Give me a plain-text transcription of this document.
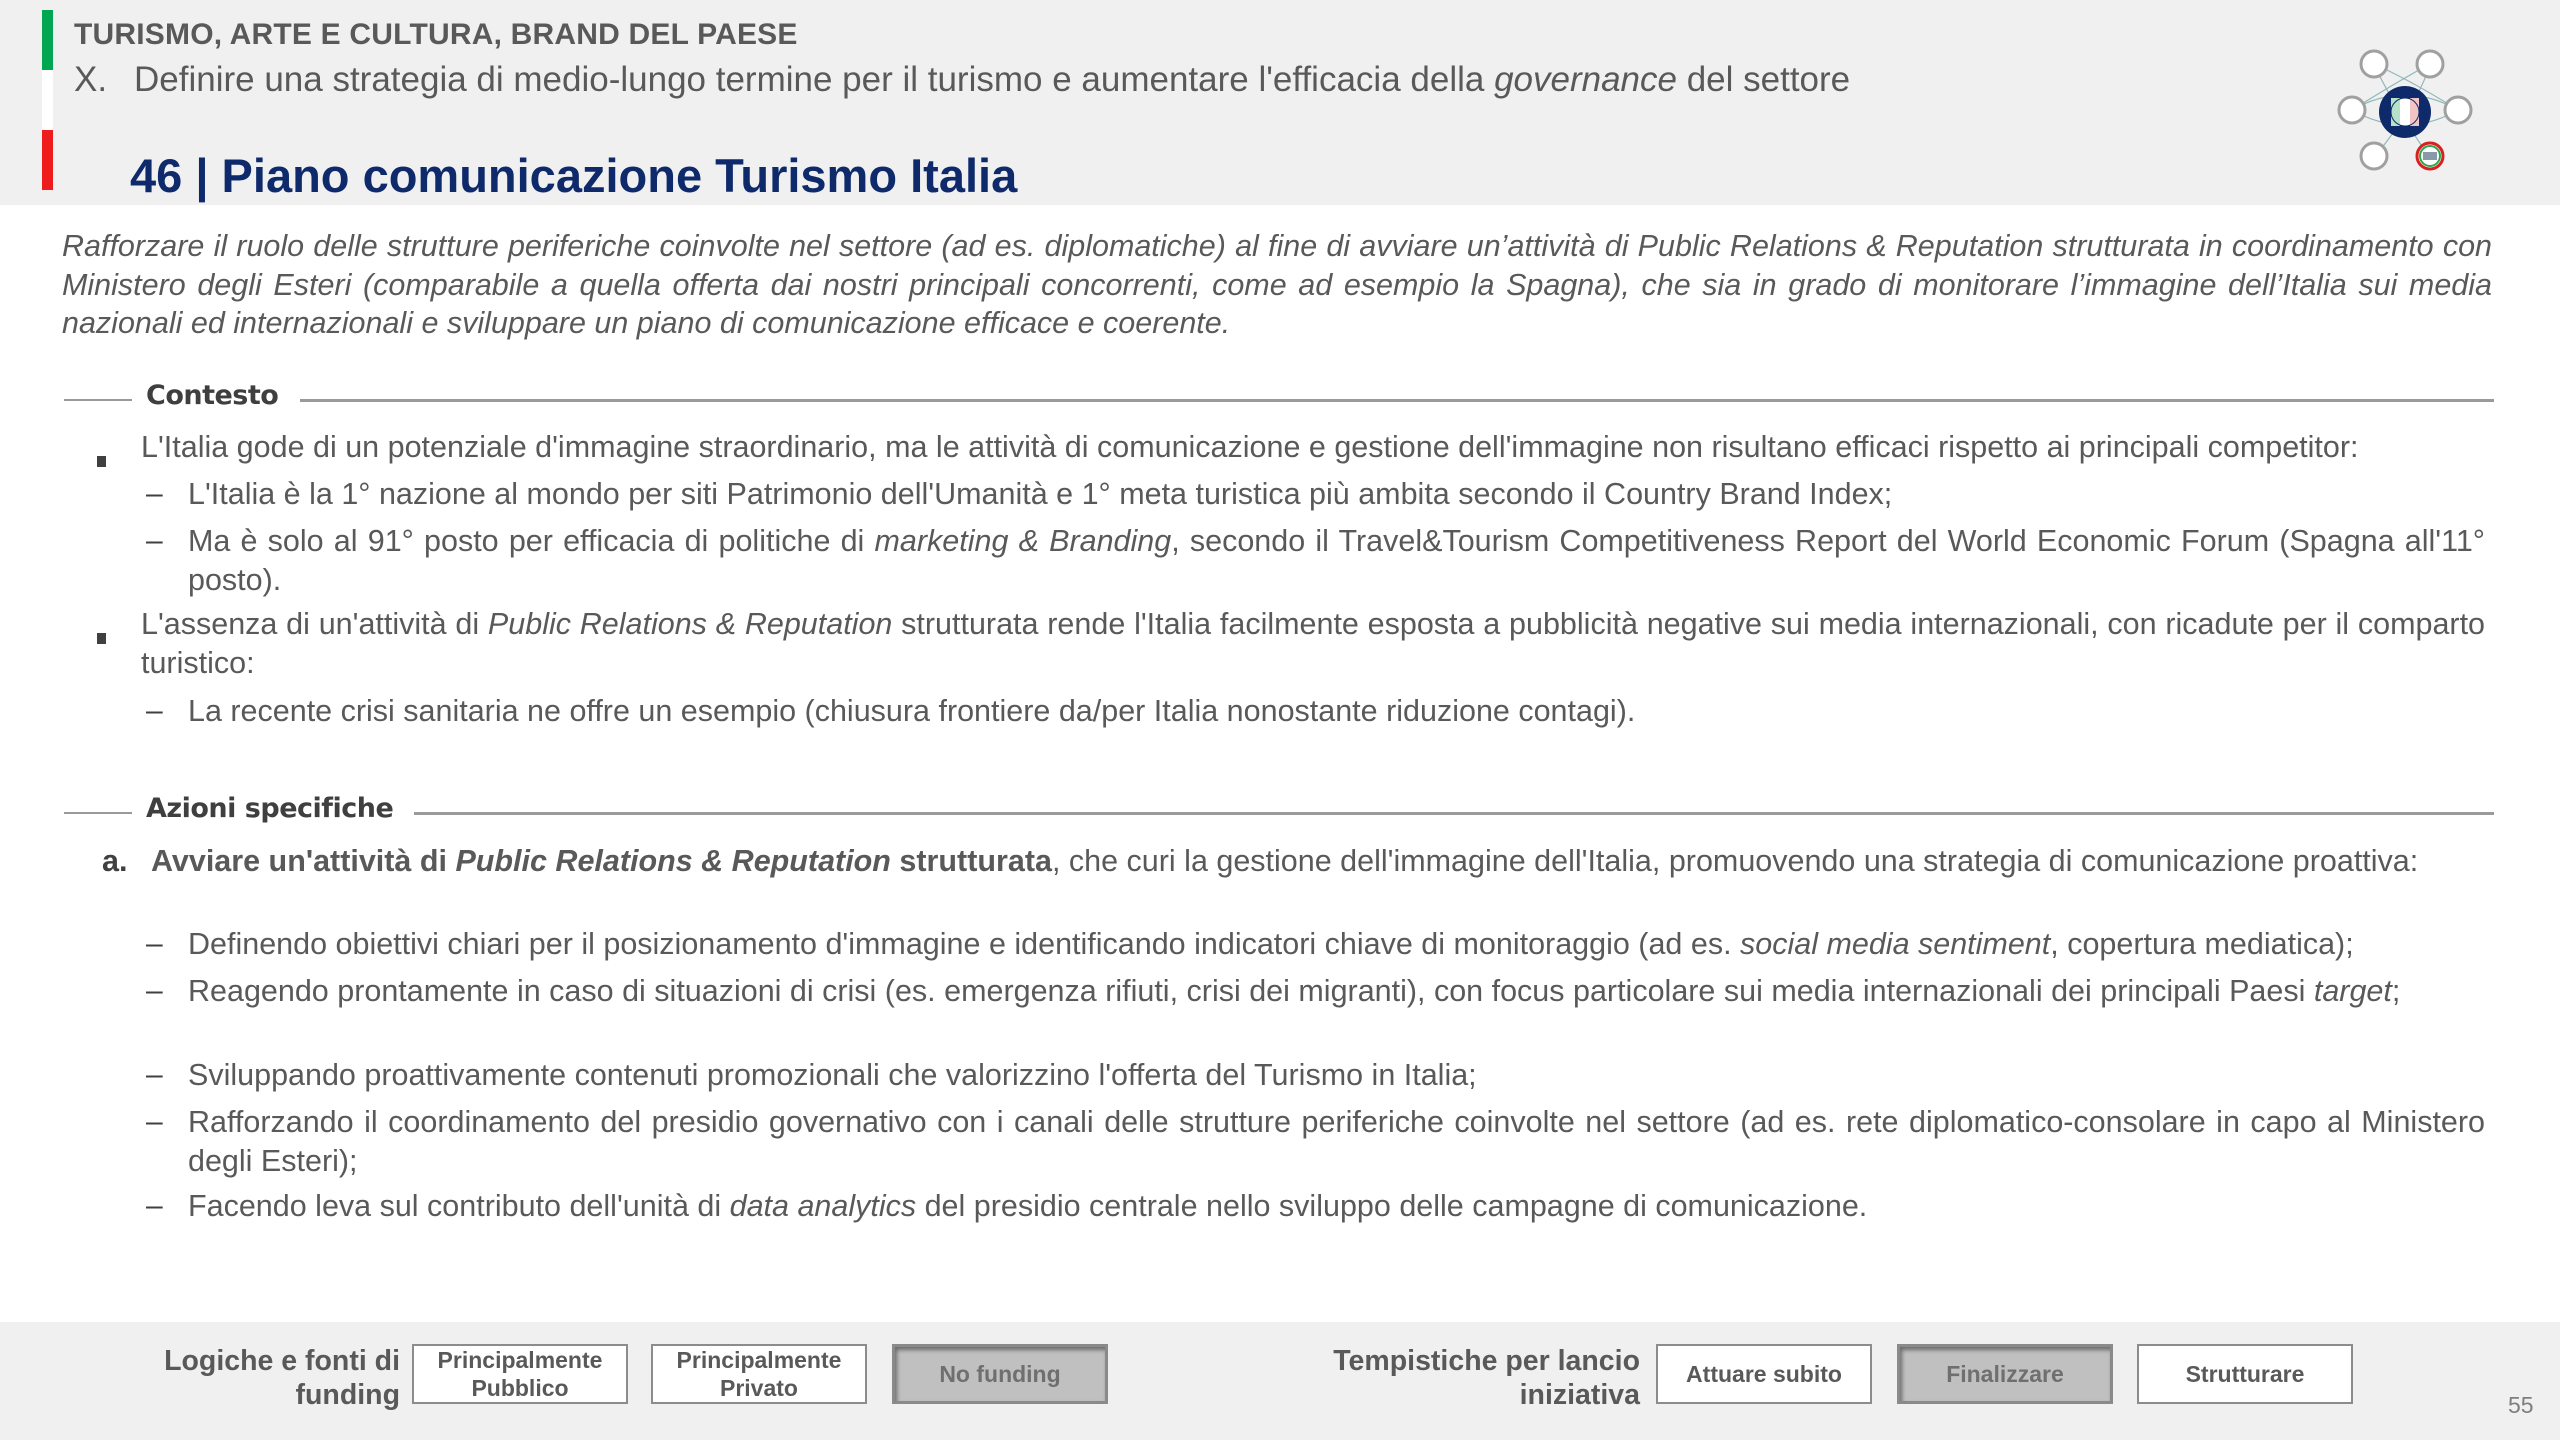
TURISMO, ARTE E CULTURA, BRAND DEL PAESE
X. Definire una strategia di medio-lungo termine per il turismo e aumentare l'efficacia della governance del settore
46 | Piano comunicazione Turismo Italia
Rafforzare il ruolo delle strutture periferiche coinvolte nel settore (ad es. diplomatiche) al fine di avviare un’attività di Public Relations & Reputation strutturata in coordinamento con Ministero degli Esteri (comparabile a quella offerta dai nostri principali concorrenti, come ad esempio la Spagna), che sia in grado di monitorare l’immagine dell’Italia sui media nazionali ed internazionali e sviluppare un piano di comunicazione efficace e coerente.
Contesto
L'Italia gode di un potenziale d'immagine straordinario, ma le attività di comunicazione e gestione dell'immagine non risultano efficaci rispetto ai principali competitor:
– L'Italia è la 1° nazione al mondo per siti Patrimonio dell'Umanità e 1° meta turistica più ambita secondo il Country Brand Index;
– Ma è solo al 91° posto per efficacia di politiche di marketing & Branding, secondo il Travel&Tourism Competitiveness Report del World Economic Forum (Spagna all'11° posto).
L'assenza di un'attività di Public Relations & Reputation strutturata rende l'Italia facilmente esposta a pubblicità negative sui media internazionali, con ricadute per il comparto turistico:
– La recente crisi sanitaria ne offre un esempio (chiusura frontiere da/per Italia nonostante riduzione contagi).
Azioni specifiche
a. Avviare un'attività di Public Relations & Reputation strutturata, che curi la gestione dell'immagine dell'Italia, promuovendo una strategia di comunicazione proattiva:
– Definendo obiettivi chiari per il posizionamento d'immagine e identificando indicatori chiave di monitoraggio (ad es. social media sentiment, copertura mediatica);
– Reagendo prontamente in caso di situazioni di crisi (es. emergenza rifiuti, crisi dei migranti), con focus particolare sui media internazionali dei principali Paesi target;
– Sviluppando proattivamente contenuti promozionali che valorizzino l'offerta del Turismo in Italia;
– Rafforzando il coordinamento del presidio governativo con i canali delle strutture periferiche coinvolte nel settore (ad es. rete diplomatico-consolare in capo al Ministero degli Esteri);
– Facendo leva sul contributo dell'unità di data analytics del presidio centrale nello sviluppo delle campagne di comunicazione.
Logiche e fonti di funding
Principalmente Pubblico
Principalmente Privato
No funding	Tempistiche per lancio iniziativa
Attuare subito	Finalizzare	Strutturare
55
